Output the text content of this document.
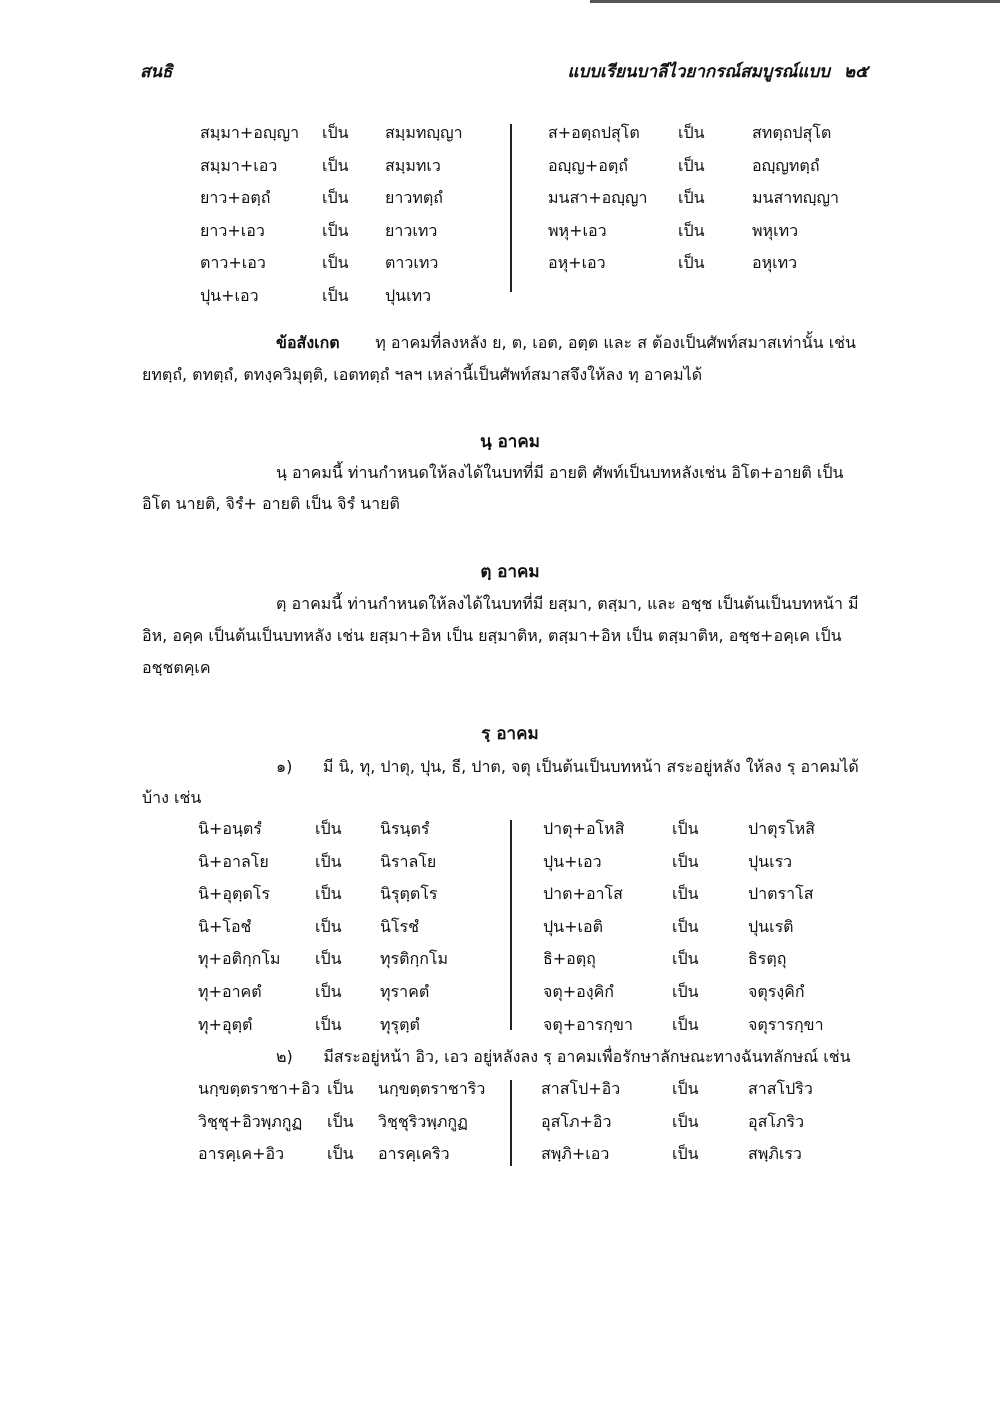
สนธิ	แบบเรียนบาลีไวยากรณ์สมบูรณ์แบบ ๒๕
สมฺมา+อญฺญา เป็น สมฺมทญฺญา
สมฺมา+เอว	เป็น สมฺมทเว
ยาว+อตฺถํ	เป็น ยาวทตฺถํ
ยาว+เอว	เป็น ยาวเทว
ตาว+เอว	เป็น ตาวเทว
ปุน+เอว	เป็น ปุนเทว
ส+อตฺถปสุโต เป็น	สทตฺถปสุโต
อญฺญ+อตฺถํ	เป็น	อญฺญทตฺถํ
มนสา+อญฺญา เป็น	มนสาทญฺญา
พหุ+เอว	เป็น	พหุเทว
อหุ+เอว	เป็น	อหุเทว
ข้อสังเกต ทฺ อาคมที่ลงหลัง ย, ต, เอต, อตฺต และ ส ต้องเป็นศัพท์สมาสเท่านั้น เช่น
ยทตฺถํ, ตทตฺถํ, ตทงฺควิมุตฺติ, เอตทตฺถํ ฯลฯ เหล่านี้เป็นศัพท์สมาสจึงให้ลง ทฺ อาคมได้
นฺ อาคม
นฺ อาคมนี้ ท่านกำหนดให้ลงได้ในบทที่มี อายติ ศัพท์เป็นบทหลังเช่น อิโต+อายติ เป็น
อิโต นายติ, จิรํ+ อายติ เป็น จิรํ นายติ
ตฺ อาคม
ตฺ อาคมนี้ ท่านกำหนดให้ลงได้ในบทที่มี ยสฺมา, ตสฺมา, และ อชฺช เป็นต้นเป็นบทหน้า มี
อิห, อคฺค เป็นต้นเป็นบทหลัง เช่น ยสฺมา+อิห เป็น ยสฺมาติห, ตสฺมา+อิห เป็น ตสฺมาติห, อชฺช+อคฺเค เป็น
อชฺชตคฺเค
รฺ อาคม
๑) มี นิ, ทุ, ปาตุ, ปุน, ธี, ปาต, จตุ เป็นต้นเป็นบทหน้า สระอยู่หลัง ให้ลง รฺ อาคมได้
บ้าง เช่น
นิ+อนฺตรํ	เป็น นิรนฺตรํ
นิ+อาลโย	เป็น นิราลโย
นิ+อุตฺตโร	เป็น นิรุตฺตโร
นิ+โอชํ	เป็น นิโรชํ
ทุ+อติกฺกโม เป็น ทุรติกฺกโม
ทุ+อาคตํ	เป็น ทุราคตํ
ทุ+อุตฺตํ	เป็น ทุรุตฺตํ
ปาตุ+อโหสิ	เป็น	ปาตุรโหสิ
ปุน+เอว	เป็น	ปุนเรว
ปาต+อาโส	เป็น	ปาตราโส
ปุน+เอติ	เป็น	ปุนเรติ
ธิ+อตฺถุ	เป็น	ธิรตฺถุ
จตุ+องฺคิกํ	เป็น	จตุรงฺคิกํ
จตุ+อารกฺขา เป็น	จตุรารกฺขา
๒) มีสระอยู่หน้า อิว, เอว อยู่หลังลง รฺ อาคมเพื่อรักษาลักษณะทางฉันทลักษณ์ เช่น
นกฺขตฺตราชา+อิว เป็น นกฺขตฺตราชาริว
วิชฺชุ+อิวพฺภกูฏ เป็น วิชฺชุริวพฺภกูฏ
อารคฺเค+อิว	เป็น อารคฺเคริว
สาสโป+อิว	เป็น	สาสโปริว
อุสโภ+อิว	เป็น	อุสโภริว
สพฺภิ+เอว	เป็น	สพฺภิเรว
